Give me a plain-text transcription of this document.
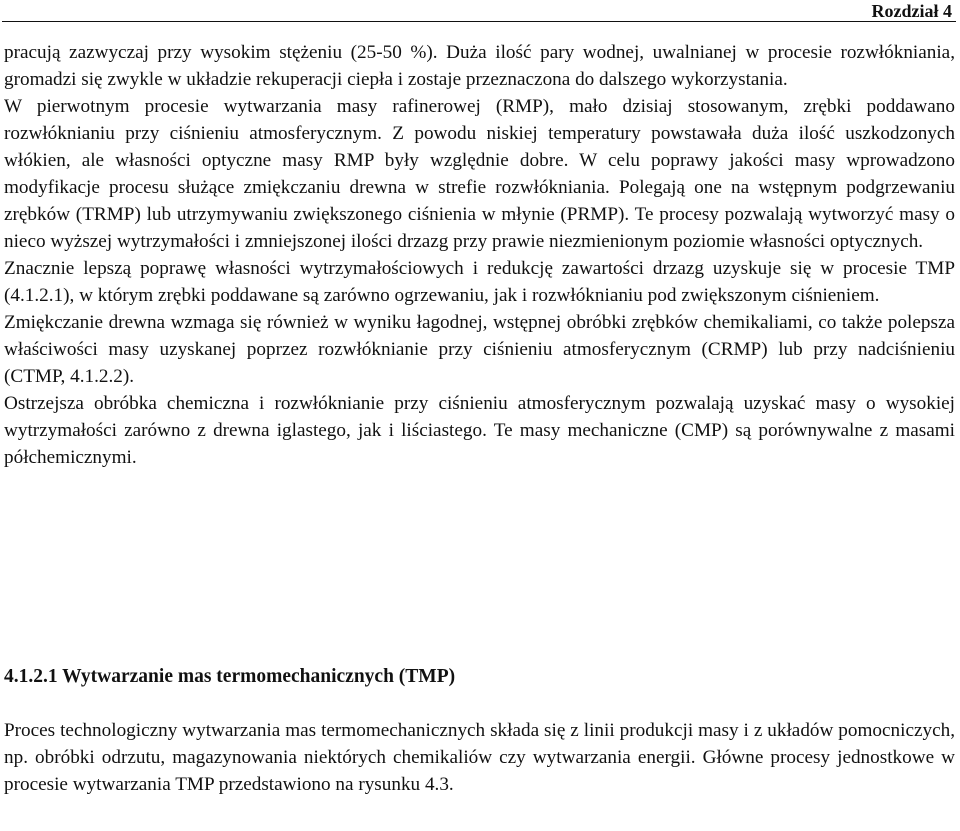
Rozdział 4

pracują zazwyczaj przy wysokim stężeniu (25-50 %). Duża ilość pary wodnej, uwalnianej w procesie rozwłókniania, gromadzi się zwykle w układzie rekuperacji ciepła i zostaje przeznaczona do dalszego wykorzystania.

W pierwotnym procesie wytwarzania masy rafinerowej (RMP), mało dzisiaj stosowanym, zrębki poddawano rozwłóknianiu przy ciśnieniu atmosferycznym. Z powodu niskiej temperatury powstawała duża ilość uszkodzonych włókien, ale własności optyczne masy RMP były względnie dobre. W celu poprawy jakości masy wprowadzono modyfikacje procesu służące zmiękczaniu drewna w strefie rozwłókniania. Polegają one na wstępnym podgrzewaniu zrębków (TRMP) lub utrzymywaniu zwiększonego ciśnienia w młynie (PRMP). Te procesy pozwalają wytworzyć masy o nieco wyższej wytrzymałości i zmniejszonej ilości drzazg przy prawie niezmienionym poziomie własności optycznych.

Znacznie lepszą poprawę własności wytrzymałościowych i redukcję zawartości drzazg uzyskuje się w procesie TMP (4.1.2.1), w którym zrębki poddawane są zarówno ogrzewaniu, jak i rozwłóknianiu pod zwiększonym ciśnieniem.

Zmiękczanie drewna wzmaga się również w wyniku łagodnej, wstępnej obróbki zrębków chemikaliami, co także polepsza właściwości masy uzyskanej poprzez rozwłóknianie przy ciśnieniu atmosferycznym (CRMP) lub przy nadciśnieniu (CTMP, 4.1.2.2).

Ostrzejsza obróbka chemiczna i rozwłóknianie przy ciśnieniu atmosferycznym pozwalają uzyskać masy o wysokiej wytrzymałości zarówno z drewna iglastego, jak i liściastego. Te masy mechaniczne (CMP) są porównywalne z masami półchemicznymi.

4.1.2.1 Wytwarzanie mas termomechanicznych (TMP)
Proces technologiczny wytwarzania mas termomechanicznych składa się z linii produkcji masy i z układów pomocniczych, np. obróbki odrzutu, magazynowania niektórych chemikaliów czy wytwarzania energii. Główne procesy jednostkowe w procesie wytwarzania TMP przedstawiono na rysunku 4.3.
